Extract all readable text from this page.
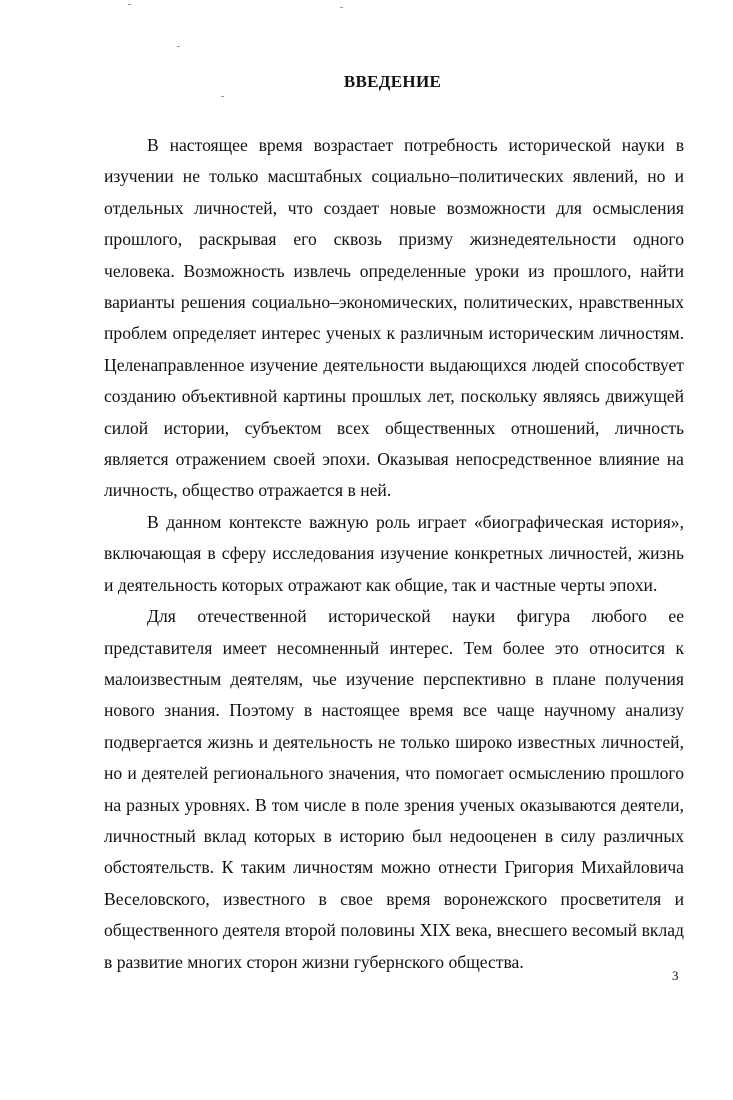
ВВЕДЕНИЕ

В настоящее время возрастает потребность исторической науки в изучении не только масштабных социально–политических явлений, но и отдельных личностей, что создает новые возможности для осмысления прошлого, раскрывая его сквозь призму жизнедеятельности одного человека. Возможность извлечь определенные уроки из прошлого, найти варианты решения социально–экономических, политических, нравственных проблем определяет интерес ученых к различным историческим личностям. Целенаправленное изучение деятельности выдающихся людей способствует созданию объективной картины прошлых лет, поскольку являясь движущей силой истории, субъектом всех общественных отношений, личность является отражением своей эпохи. Оказывая непосредственное влияние на личность, общество отражается в ней.

В данном контексте важную роль играет «биографическая история», включающая в сферу исследования изучение конкретных личностей, жизнь и деятельность которых отражают как общие, так и частные черты эпохи.

Для отечественной исторической науки фигура любого ее представителя имеет несомненный интерес. Тем более это относится к малоизвестным деятелям, чье изучение перспективно в плане получения нового знания. Поэтому в настоящее время все чаще научному анализу подвергается жизнь и деятельность не только широко известных личностей, но и деятелей регионального значения, что помогает осмыслению прошлого на разных уровнях. В том числе в поле зрения ученых оказываются деятели, личностный вклад которых в историю был недооценен в силу различных обстоятельств. К таким личностям можно отнести Григория Михайловича Веселовского, известного в свое время воронежского просветителя и общественного деятеля второй половины XIX века, внесшего весомый вклад в развитие многих сторон жизни губернского общества.

3
